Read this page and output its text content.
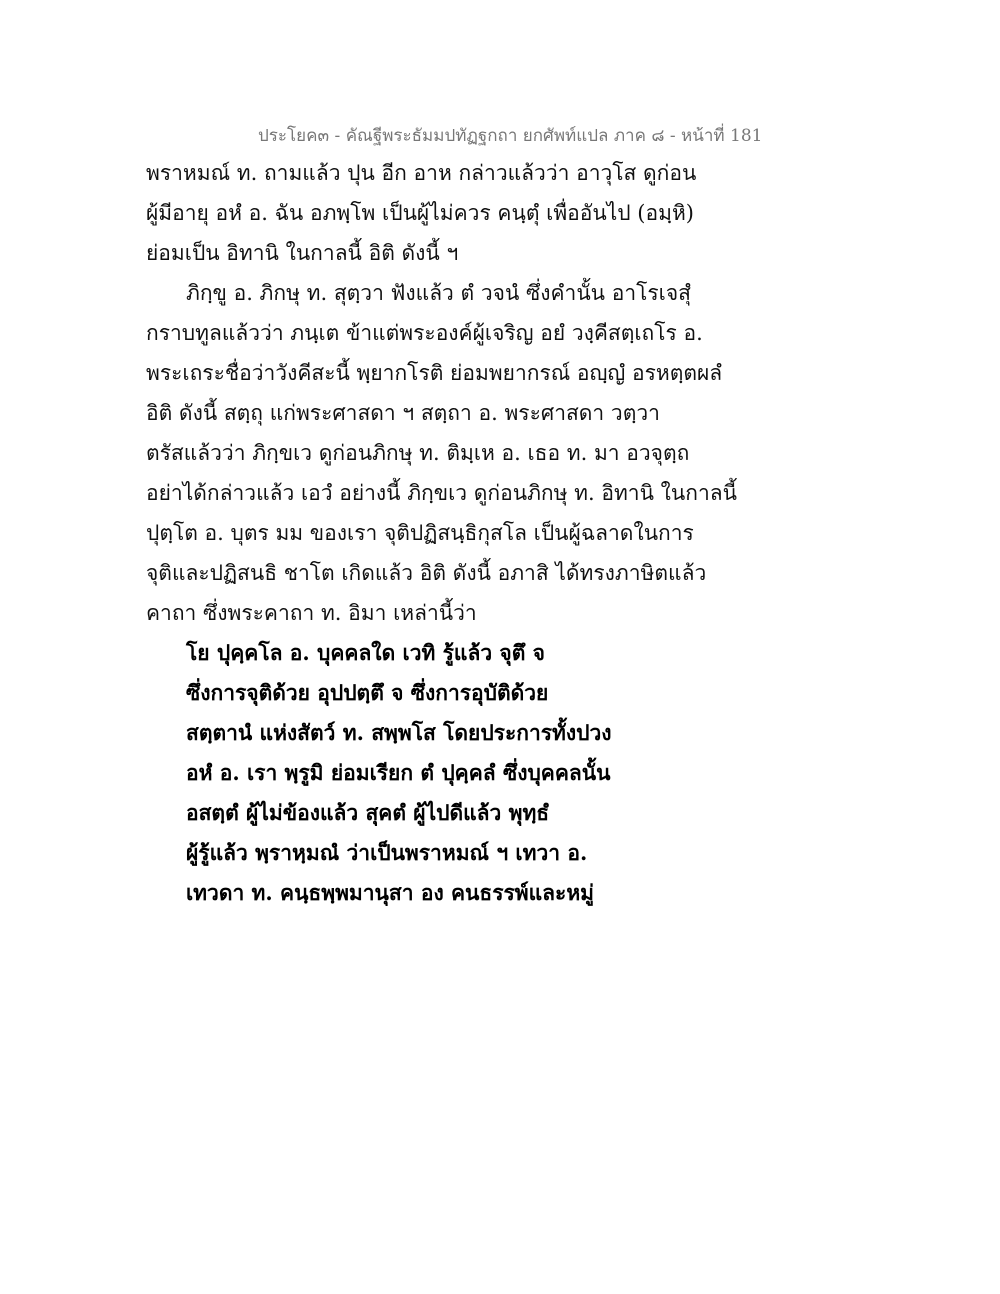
ประโยค๓ - คัณฐีพระธัมมปทัฏฐกถา ยกศัพท์แปล ภาค ๘ - หน้าที่ 181
พราหมณ์ ท. ถามแล้ว ปุน อีก อาห กล่าวแล้วว่า อาวุโส ดูก่อน
ผู้มีอายุ อหํ อ. ฉัน อภพฺโพ เป็นผู้ไม่ควร คนฺตุํ เพื่ออันไป (อมฺหิ)
ย่อมเป็น อิทานิ ในกาลนี้ อิติ ดังนี้ ฯ
ภิกฺขู อ. ภิกษุ ท. สุตฺวา ฟังแล้ว ตํ วจนํ ซึ่งคำนั้น อาโรเจสุํ
กราบทูลแล้วว่า ภนฺเต ข้าแต่พระองค์ผู้เจริญ อยํ วงฺคีสตฺเถโร อ.
พระเถระชื่อว่าวังคีสะนี้ พฺยากโรติ ย่อมพยากรณ์ อญฺญํ อรหตฺตผลํ
อิติ ดังนี้ สตฺถุ แก่พระศาสดา ฯ สตฺถา อ. พระศาสดา วตฺวา
ตรัสแล้วว่า ภิกฺขเว ดูก่อนภิกษุ ท. ติมฺเห อ. เธอ ท. มา อวจุตฺถ
อย่าได้กล่าวแล้ว เอวํ อย่างนี้ ภิกฺขเว ดูก่อนภิกษุ ท. อิทานิ ในกาลนี้
ปุตฺโต อ. บุตร มม ของเรา จุติปฏิสนฺธิกุสโล เป็นผู้ฉลาดในการ
จุติและปฏิสนธิ ชาโต เกิดแล้ว อิติ ดังนี้ อภาสิ ได้ทรงภาษิตแล้ว
คาถา ซึ่งพระคาถา ท. อิมา เหล่านี้ว่า
โย ปุคฺคโล อ. บุคคลใด เวทิ รู้แล้ว จุตึ จ
ซึ่งการจุติด้วย อุปปตฺตึ จ ซึ่งการอุบัติด้วย
สตฺตานํ แห่งสัตว์ ท. สพฺพโส โดยประการทั้งปวง
อหํ อ. เรา พฺรูมิ ย่อมเรียก ตํ ปุคฺคลํ ซึ่งบุคคลนั้น
อสตฺตํ ผู้ไม่ข้องแล้ว สุคตํ ผู้ไปดีแล้ว พุทฺธํ
ผู้รู้แล้ว พฺราหฺมณํ ว่าเป็นพราหมณ์ ฯ เทวา อ.
เทวดา ท. คนฺธพฺพมานุสา อง คนธรรพ์และหมู่
